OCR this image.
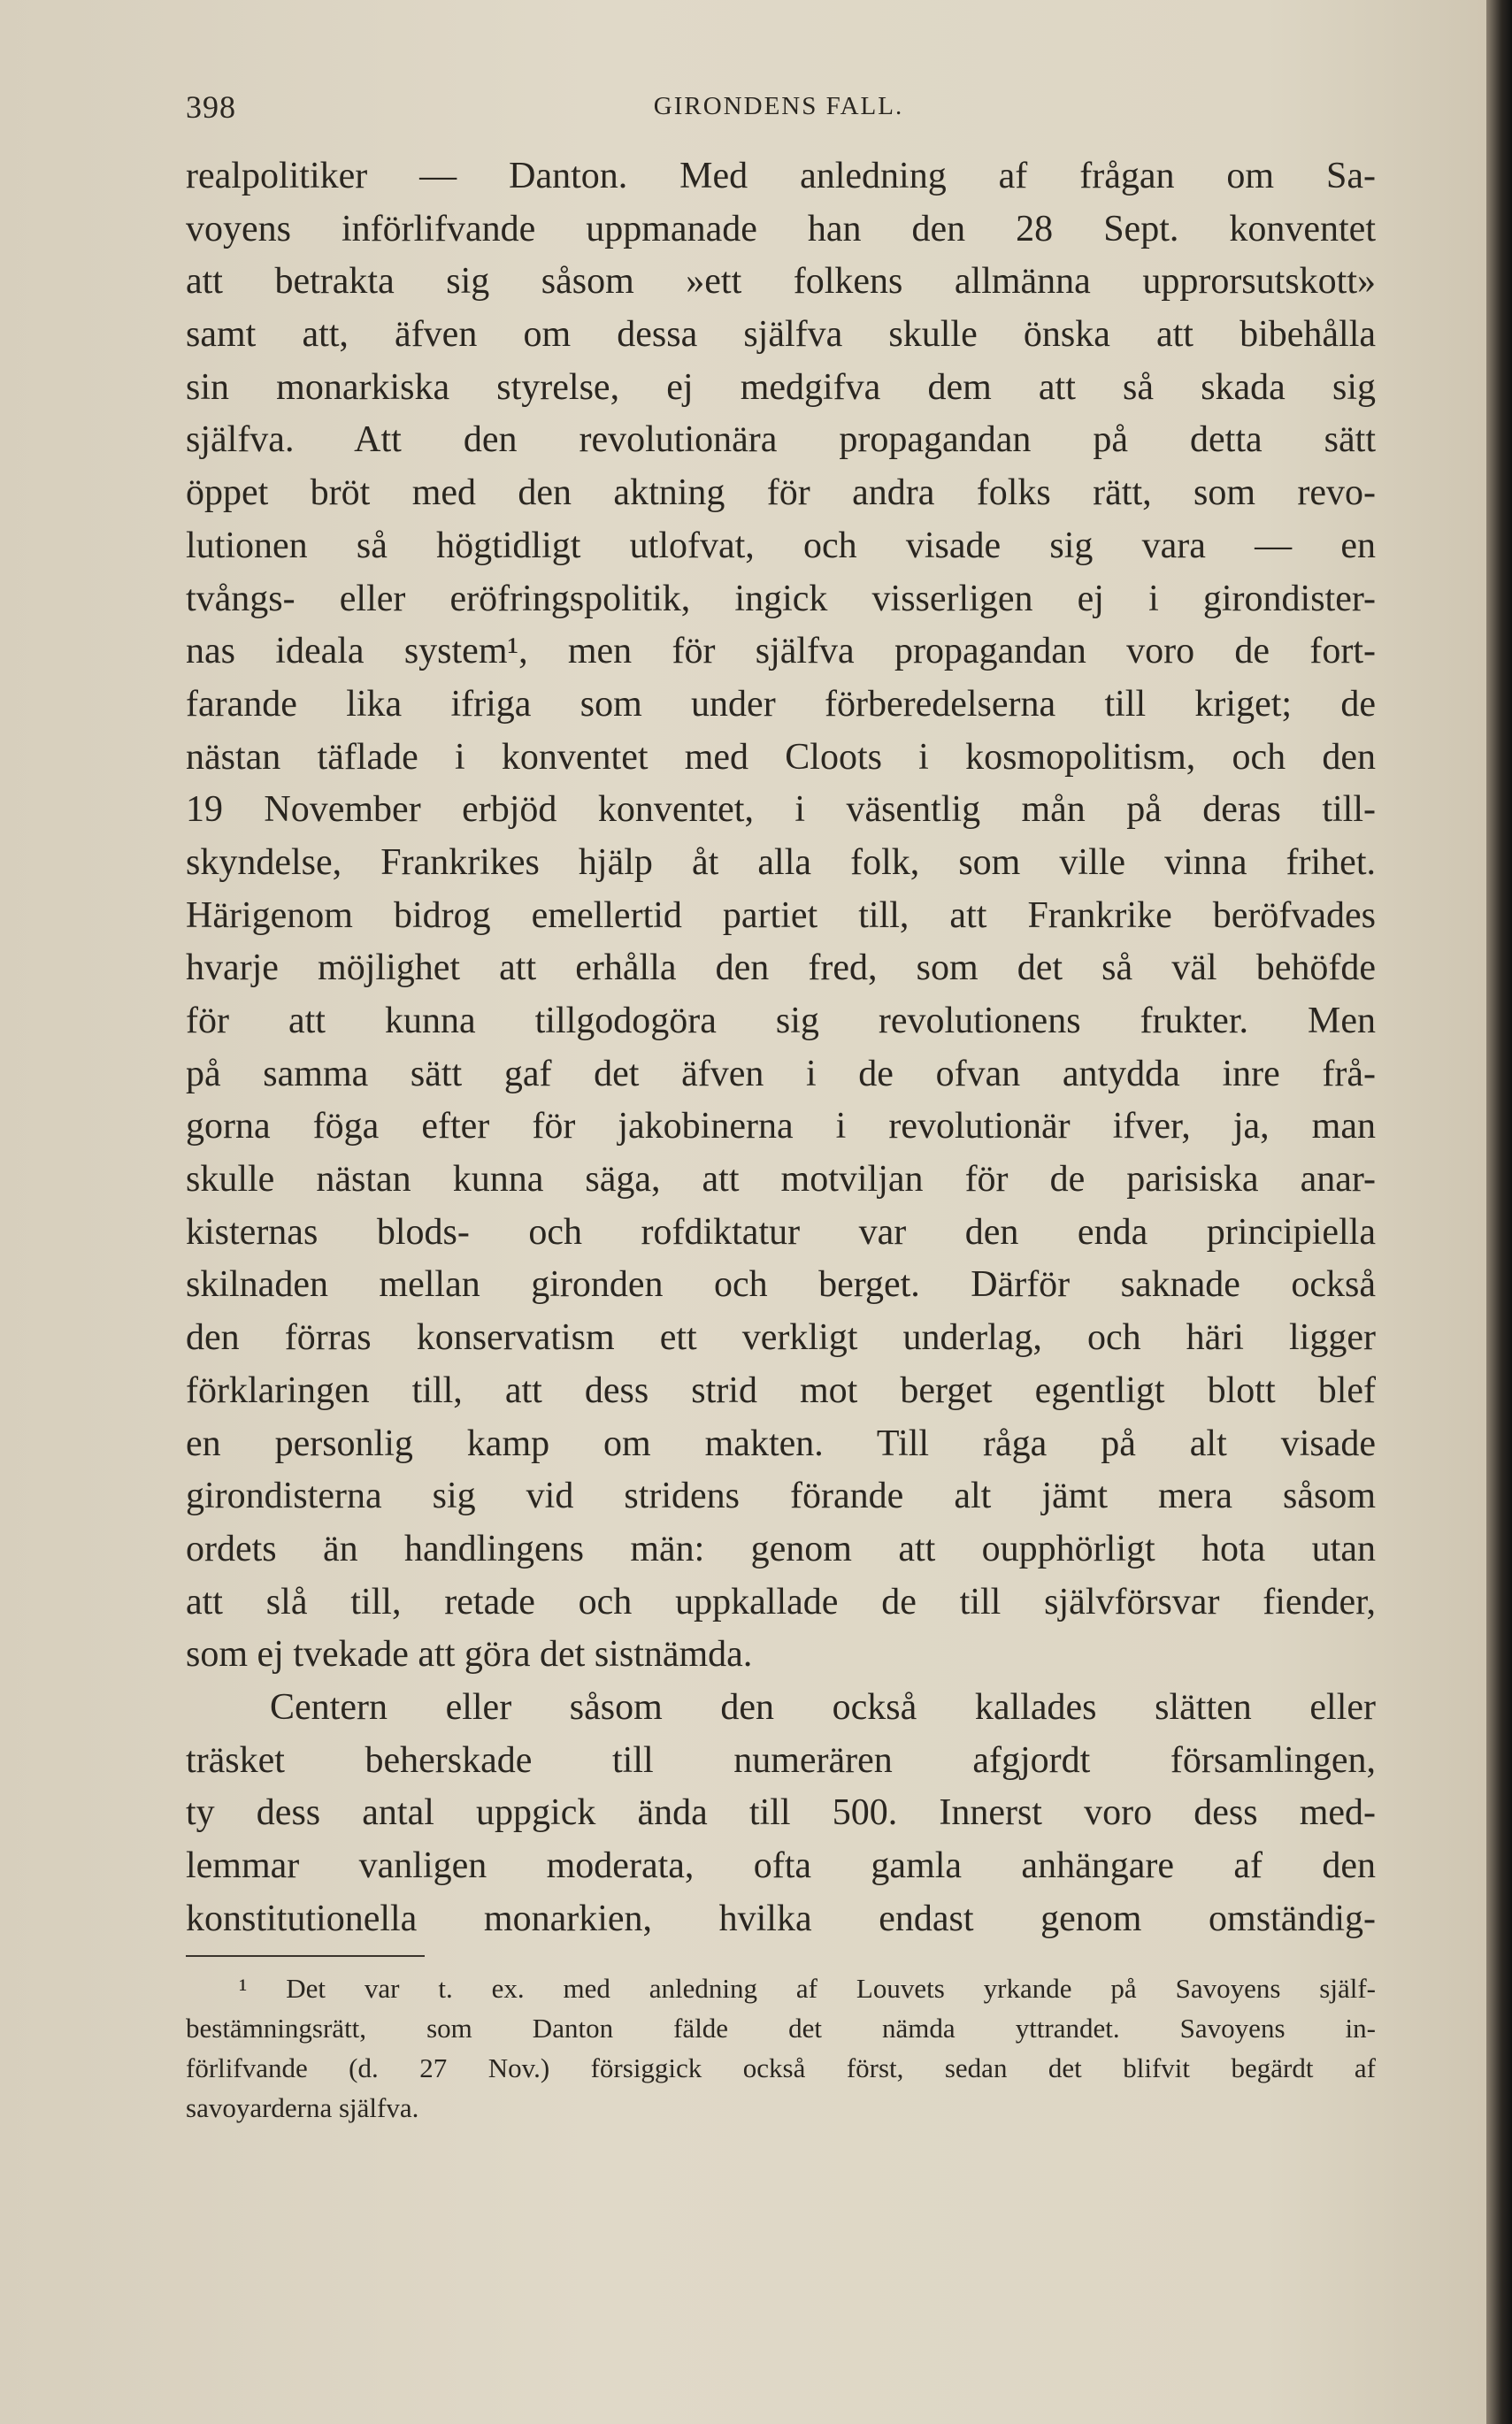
398	GIRONDENS FALL.
realpolitiker — Danton. Med anledning af frågan om Sa-
voyens införlifvande uppmanade han den 28 Sept. konventet
att betrakta sig såsom »ett folkens allmänna upprorsutskott»
samt att, äfven om dessa själfva skulle önska att bibehålla
sin monarkiska styrelse, ej medgifva dem att så skada sig
själfva. Att den revolutionära propagandan på detta sätt
öppet bröt med den aktning för andra folks rätt, som revo-
lutionen så högtidligt utlofvat, och visade sig vara — en
tvångs- eller eröfringspolitik, ingick visserligen ej i girondister-
nas ideala system¹, men för själfva propagandan voro de fort-
farande lika ifriga som under förberedelserna till kriget; de
nästan täflade i konventet med Cloots i kosmopolitism, och den
19 November erbjöd konventet, i väsentlig mån på deras till-
skyndelse, Frankrikes hjälp åt alla folk, som ville vinna frihet.
Härigenom bidrog emellertid partiet till, att Frankrike beröfvades
hvarje möjlighet att erhålla den fred, som det så väl behöfde
för att kunna tillgodogöra sig revolutionens frukter. Men
på samma sätt gaf det äfven i de ofvan antydda inre frå-
gorna föga efter för jakobinerna i revolutionär ifver, ja, man
skulle nästan kunna säga, att motviljan för de parisiska anar-
kisternas blods- och rofdiktatur var den enda principiella
skilnaden mellan gironden och berget. Därför saknade också
den förras konservatism ett verkligt underlag, och häri ligger
förklaringen till, att dess strid mot berget egentligt blott blef
en personlig kamp om makten. Till råga på alt visade
girondisterna sig vid stridens förande alt jämt mera såsom
ordets än handlingens män: genom att oupphörligt hota utan
att slå till, retade och uppkallade de till självförsvar fiender,
som ej tvekade att göra det sistnämda.
Centern eller såsom den också kallades slätten eller
träsket beherskade till numerären afgjordt församlingen,
ty dess antal uppgick ända till 500. Innerst voro dess med-
lemmar vanligen moderata, ofta gamla anhängare af den
konstitutionella monarkien, hvilka endast genom omständig-
¹ Det var t. ex. med anledning af Louvets yrkande på Savoyens själf-
bestämningsrätt, som Danton fälde det nämda yttrandet. Savoyens in-
förlifvande (d. 27 Nov.) försiggick också först, sedan det blifvit begärdt af
savoyarderna själfva.
